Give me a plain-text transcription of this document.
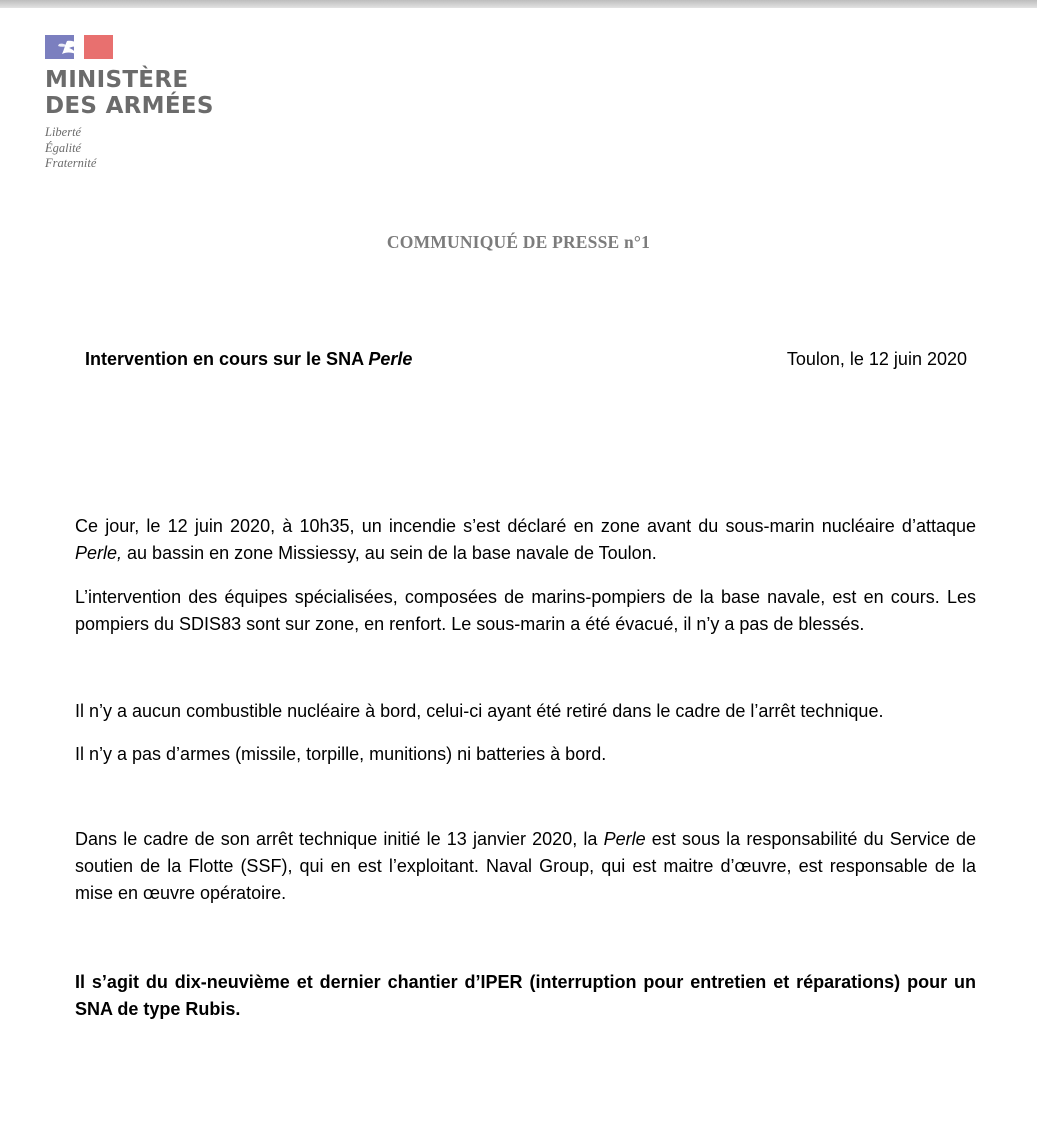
MINISTÈRE
DES ARMÉES
Liberté
Égalité
Fraternité
COMMUNIQUÉ DE PRESSE n°1
Intervention en cours sur le SNA Perle	Toulon, le 12 juin 2020

Ce jour, le 12 juin 2020, à 10h35, un incendie s’est déclaré en zone avant du sous-marin nucléaire d’attaque Perle, au bassin en zone Missiessy, au sein de la base navale de Toulon.

L’intervention des équipes spécialisées, composées de marins-pompiers de la base navale, est en cours. Les pompiers du SDIS83 sont sur zone, en renfort. Le sous-marin a été évacué, il n’y a pas de blessés.

Il n’y a aucun combustible nucléaire à bord, celui-ci ayant été retiré dans le cadre de l’arrêt technique.

Il n’y a pas d’armes (missile, torpille, munitions) ni batteries à bord.

Dans le cadre de son arrêt technique initié le 13 janvier 2020, la Perle est sous la responsabilité du Service de soutien de la Flotte (SSF), qui en est l’exploitant. Naval Group, qui est maitre d’œuvre, est responsable de la mise en œuvre opératoire.

Il s’agit du dix-neuvième et dernier chantier d’IPER (interruption pour entretien et réparations) pour un SNA de type Rubis.
